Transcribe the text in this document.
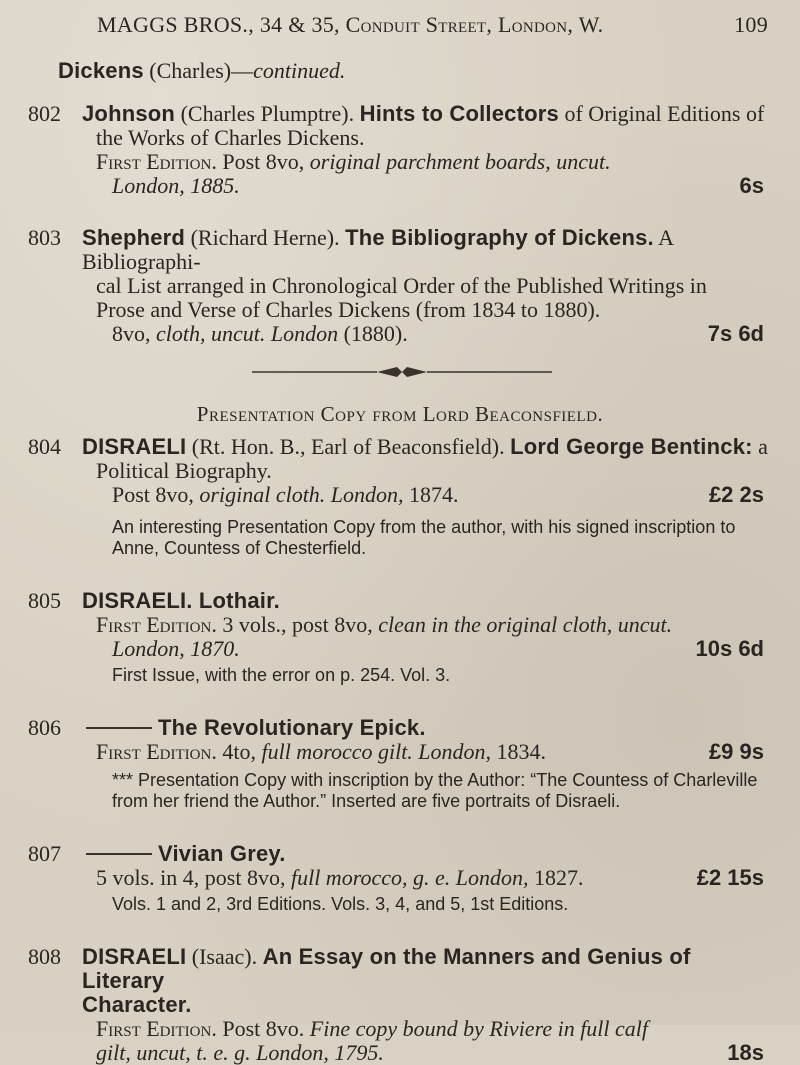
MAGGS BROS., 34 & 35, Conduit Street, London, W.	109
Dickens (Charles)—continued.
802 Johnson (Charles Plumptre). Hints to Collectors of Original Editions of
the Works of Charles Dickens.
First Edition. Post 8vo, original parchment boards, uncut.
London, 1885.	6s
803 Shepherd (Richard Herne). The Bibliography of Dickens. A Bibliographi-
cal List arranged in Chronological Order of the Published Writings in
Prose and Verse of Charles Dickens (from 1834 to 1880).
8vo, cloth, uncut. London (1880).	7s 6d
Presentation Copy from Lord Beaconsfield.
804 DISRAELI (Rt. Hon. B., Earl of Beaconsfield). Lord George Bentinck: a
Political Biography.
Post 8vo, original cloth. London, 1874.	£2 2s
An interesting Presentation Copy from the author, with his signed inscription to Anne, Countess of Chesterfield.
805 DISRAELI. Lothair.
First Edition. 3 vols., post 8vo, clean in the original cloth, uncut.
London, 1870.	10s 6d
First Issue, with the error on p. 254. Vol. 3.
806	The Revolutionary Epick.
First Edition. 4to, full morocco gilt. London, 1834.	£9 9s
*** Presentation Copy with inscription by the Author: “The Countess of Charleville from her friend the Author.” Inserted are five portraits of Disraeli.
807	Vivian Grey.
5 vols. in 4, post 8vo, full morocco, g. e. London, 1827.	£2 15s
Vols. 1 and 2, 3rd Editions. Vols. 3, 4, and 5, 1st Editions.
808 DISRAELI (Isaac). An Essay on the Manners and Genius of Literary
Character.
First Edition. Post 8vo. Fine copy bound by Riviere in full calf
gilt, uncut, t. e. g. London, 1795.	18s
